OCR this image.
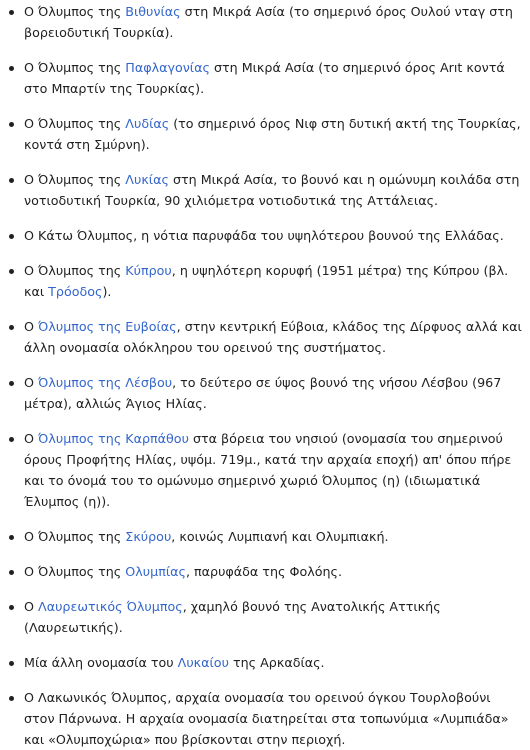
Ο Όλυμπος της Βιθυνίας στη Μικρά Ασία (το σημερινό όρος Ουλού νταγ στη βορειοδυτική Τουρκία).
Ο Όλυμπος της Παφλαγονίας στη Μικρά Ασία (το σημερινό όρος Arıt κοντά στο Μπαρτίν της Τουρκίας).
Ο Όλυμπος της Λυδίας (το σημερινό όρος Νιφ στη δυτική ακτή της Τουρκίας, κοντά στη Σμύρνη).
Ο Όλυμπος της Λυκίας στη Μικρά Ασία, το βουνό και η ομώνυμη κοιλάδα στη νοτιοδυτική Τουρκία, 90 χιλιόμετρα νοτιοδυτικά της Αττάλειας.
Ο Κάτω Όλυμπος, η νότια παρυφάδα του υψηλότερου βουνού της Ελλάδας.
Ο Όλυμπος της Κύπρου, η υψηλότερη κορυφή (1951 μέτρα) της Κύπρου (βλ. και Τρόοδος).
Ο Όλυμπος της Ευβοίας, στην κεντρική Εύβοια, κλάδος της Δίρφυος αλλά και άλλη ονομασία ολόκληρου του ορεινού της συστήματος.
Ο Όλυμπος της Λέσβου, το δεύτερο σε ύψος βουνό της νήσου Λέσβου (967 μέτρα), αλλιώς Άγιος Ηλίας.
Ο Όλυμπος της Καρπάθου στα βόρεια του νησιού (ονομασία του σημερινού όρους Προφήτης Ηλίας, υψόμ. 719μ., κατά την αρχαία εποχή) απ' όπου πήρε και το όνομά του το ομώνυμο σημερινό χωριό Όλυμπος (η) (ιδιωματικά Έλυμπος (η)).
Ο Όλυμπος της Σκύρου, κοινώς Λυμπιανή και Ολυμπιακή.
Ο Όλυμπος της Ολυμπίας, παρυφάδα της Φολόης.
Ο Λαυρεωτικός Όλυμπος, χαμηλό βουνό της Ανατολικής Αττικής (Λαυρεωτικής).
Μία άλλη ονομασία του Λυκαίου της Αρκαδίας.
Ο Λακωνικός Όλυμπος, αρχαία ονομασία του ορεινού όγκου Τουρλοβούνι στον Πάρνωνα. Η αρχαία ονομασία διατηρείται στα τοπωνύμια «Λυμπιάδα» και «Ολυμποχώρια» που βρίσκονται στην περιοχή.
